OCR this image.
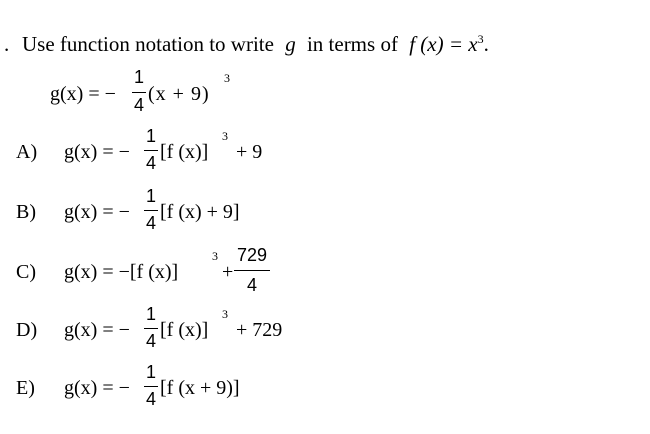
. Use function notation to write g in terms of f $(x) = x^3$.
g(x) = −
1
4 (x + 9)
3
A) g(x) = −
1
4 [f (x)]
3
+ 9
B) g(x) = −
1
4 [f (x) + 9]
C) g(x) = −[f (x)]
3
+
729
4
D) g(x) = −
1
4 [f (x)]
3
+ 729
E) g(x) = −
1
4 [f (x + 9)]
